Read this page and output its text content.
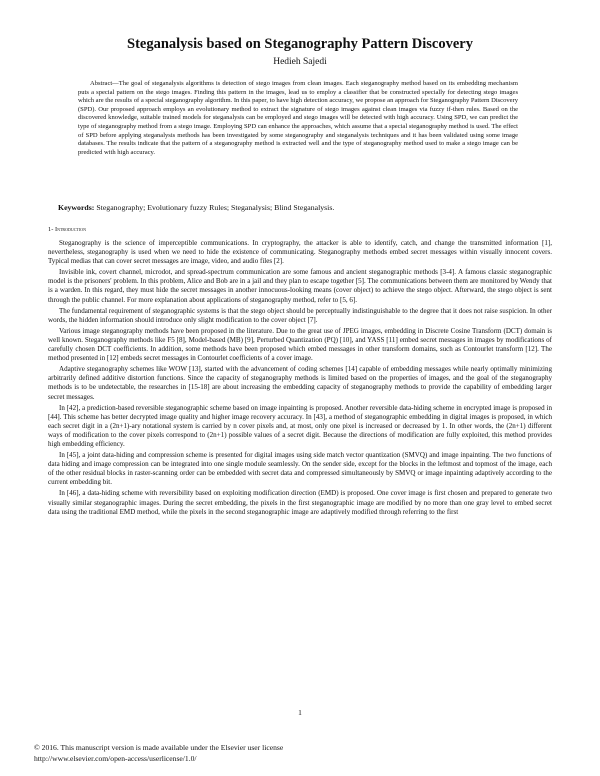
Steganalysis based on Steganography Pattern Discovery
Hedieh Sajedi
Abstract—The goal of steganalysis algorithms is detection of stego images from clean images. Each steganography method based on its embedding mechanism puts a special pattern on the stego images. Finding this pattern in the images, lead us to employ a classifier that be constructed specially for detecting stego images which are the results of a special steganography algorithm. In this paper, to have high detection accuracy, we propose an approach for Steganography Pattern Discovery (SPD). Our proposed approach employs an evolutionary method to extract the signature of stego images against clean images via fuzzy if-then rules. Based on the discovered knowledge, suitable trained models for steganalysis can be employed and stego images will be detected with high accuracy. Using SPD, we can predict the type of steganography method from a stego image. Employing SPD can enhance the approaches, which assume that a special steganography method is used. The effect of SPD before applying steganalysis methods has been investigated by some steganography and steganalysis techniques and it has been validated using some image databases. The results indicate that the pattern of a steganography method is extracted well and the type of steganography method used to make a stego image can be predicted with high accuracy.
Keywords: Steganography; Evolutionary fuzzy Rules; Steganalysis; Blind Steganalysis.
1- Introduction

Steganography is the science of imperceptible communications. In cryptography, the attacker is able to identify, catch, and change the transmitted information [1], nevertheless, steganography is used when we need to hide the existence of communicating. Steganography methods embed secret messages within visually innocent covers. Typical medias that can cover secret messages are image, video, and audio files [2].

Invisible ink, covert channel, microdot, and spread-spectrum communication are some famous and ancient steganographic methods [3-4]. A famous classic steganographic model is the prisoners' problem. In this problem, Alice and Bob are in a jail and they plan to escape together [5]. The communications between them are monitored by Wendy that is a warden. In this regard, they must hide the secret messages in another innocuous-looking means (cover object) to achieve the stego object. Afterward, the stego object is sent through the public channel. For more explanation about applications of steganography method, refer to [5, 6].

The fundamental requirement of steganographic systems is that the stego object should be perceptually indistinguishable to the degree that it does not raise suspicion. In other words, the hidden information should introduce only slight modification to the cover object [7].

Various image steganography methods have been proposed in the literature. Due to the great use of JPEG images, embedding in Discrete Cosine Transform (DCT) domain is well known. Steganography methods like F5 [8], Model-based (MB) [9], Perturbed Quantization (PQ) [10], and YASS [11] embed secret messages in images by modifications of carefully chosen DCT coefficients. In addition, some methods have been proposed which embed messages in other transform domains, such as Contourlet transform [12]. The method presented in [12] embeds secret messages in Contourlet coefficients of a cover image.

Adaptive steganography schemes like WOW [13], started with the advancement of coding schemes [14] capable of embedding messages while nearly optimally minimizing arbitrarily defined additive distortion functions. Since the capacity of steganography methods is limited based on the properties of images, and the goal of the steganography methods is to be undetectable, the researches in [15-18] are about increasing the embedding capacity of steganography methods to provide the capability of embedding larger secret messages.

In [42], a prediction-based reversible steganographic scheme based on image inpainting is proposed. Another reversible data-hiding scheme in encrypted image is proposed in [44]. This scheme has better decrypted image quality and higher image recovery accuracy. In [43], a method of steganographic embedding in digital images is proposed, in which each secret digit in a (2n+1)-ary notational system is carried by n cover pixels and, at most, only one pixel is increased or decreased by 1. In other words, the (2n+1) different ways of modification to the cover pixels correspond to (2n+1) possible values of a secret digit. Because the directions of modification are fully exploited, this method provides high embedding efficiency.

In [45], a joint data-hiding and compression scheme is presented for digital images using side match vector quantization (SMVQ) and image inpainting. The two functions of data hiding and image compression can be integrated into one single module seamlessly. On the sender side, except for the blocks in the leftmost and topmost of the image, each of the other residual blocks in raster-scanning order can be embedded with secret data and compressed simultaneously by SMVQ or image inpainting adaptively according to the current embedding bit.

In [46], a data-hiding scheme with reversibility based on exploiting modification direction (EMD) is proposed. One cover image is first chosen and prepared to generate two visually similar steganographic images. During the secret embedding, the pixels in the first steganographic image are modified by no more than one gray level to embed secret data using the traditional EMD method, while the pixels in the second steganographic image are adaptively modified through referring to the first

1
© 2016. This manuscript version is made available under the Elsevier user license
http://www.elsevier.com/open-access/userlicense/1.0/
